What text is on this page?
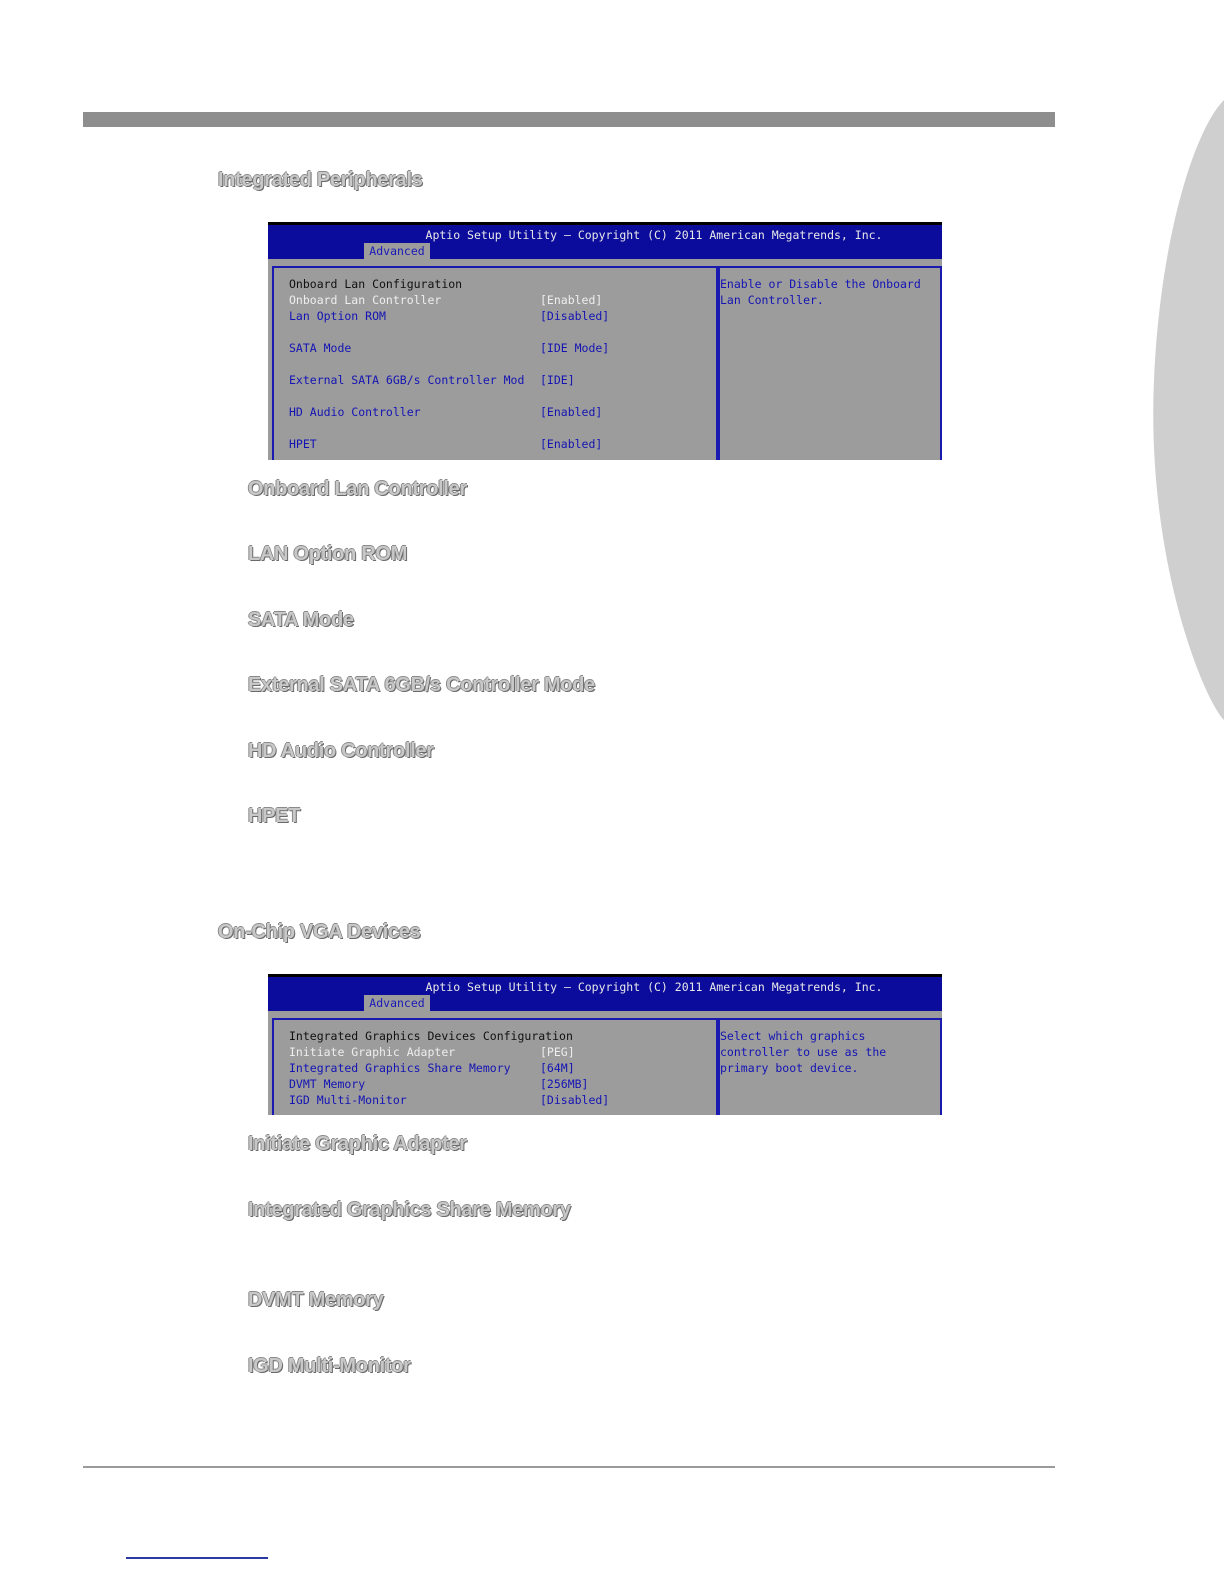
Integrated Peripherals
Aptio Setup Utility – Copyright (C) 2011 American Megatrends, Inc.
Advanced
Onboard Lan Configuration
Onboard Lan Controller	[Enabled]
Lan Option ROM	[Disabled]
SATA Mode	[IDE Mode]
External SATA 6GB/s Controller Mod [IDE]
HD Audio Controller	[Enabled]
HPET	[Enabled]
Enable or Disable the Onboard
Lan Controller.
Onboard Lan Controller
LAN Option ROM
SATA Mode
External SATA 6GB/s Controller Mode
HD Audio Controller
HPET
On-Chip VGA Devices
Aptio Setup Utility – Copyright (C) 2011 American Megatrends, Inc.
Advanced
Integrated Graphics Devices Configuration
Initiate Graphic Adapter	[PEG]
Integrated Graphics Share Memory	[64M]
DVMT Memory	[256MB]
IGD Multi-Monitor	[Disabled]
Select which graphics
controller to use as the
primary boot device.
Initiate Graphic Adapter
Integrated Graphics Share Memory
DVMT Memory
IGD Multi-Monitor
